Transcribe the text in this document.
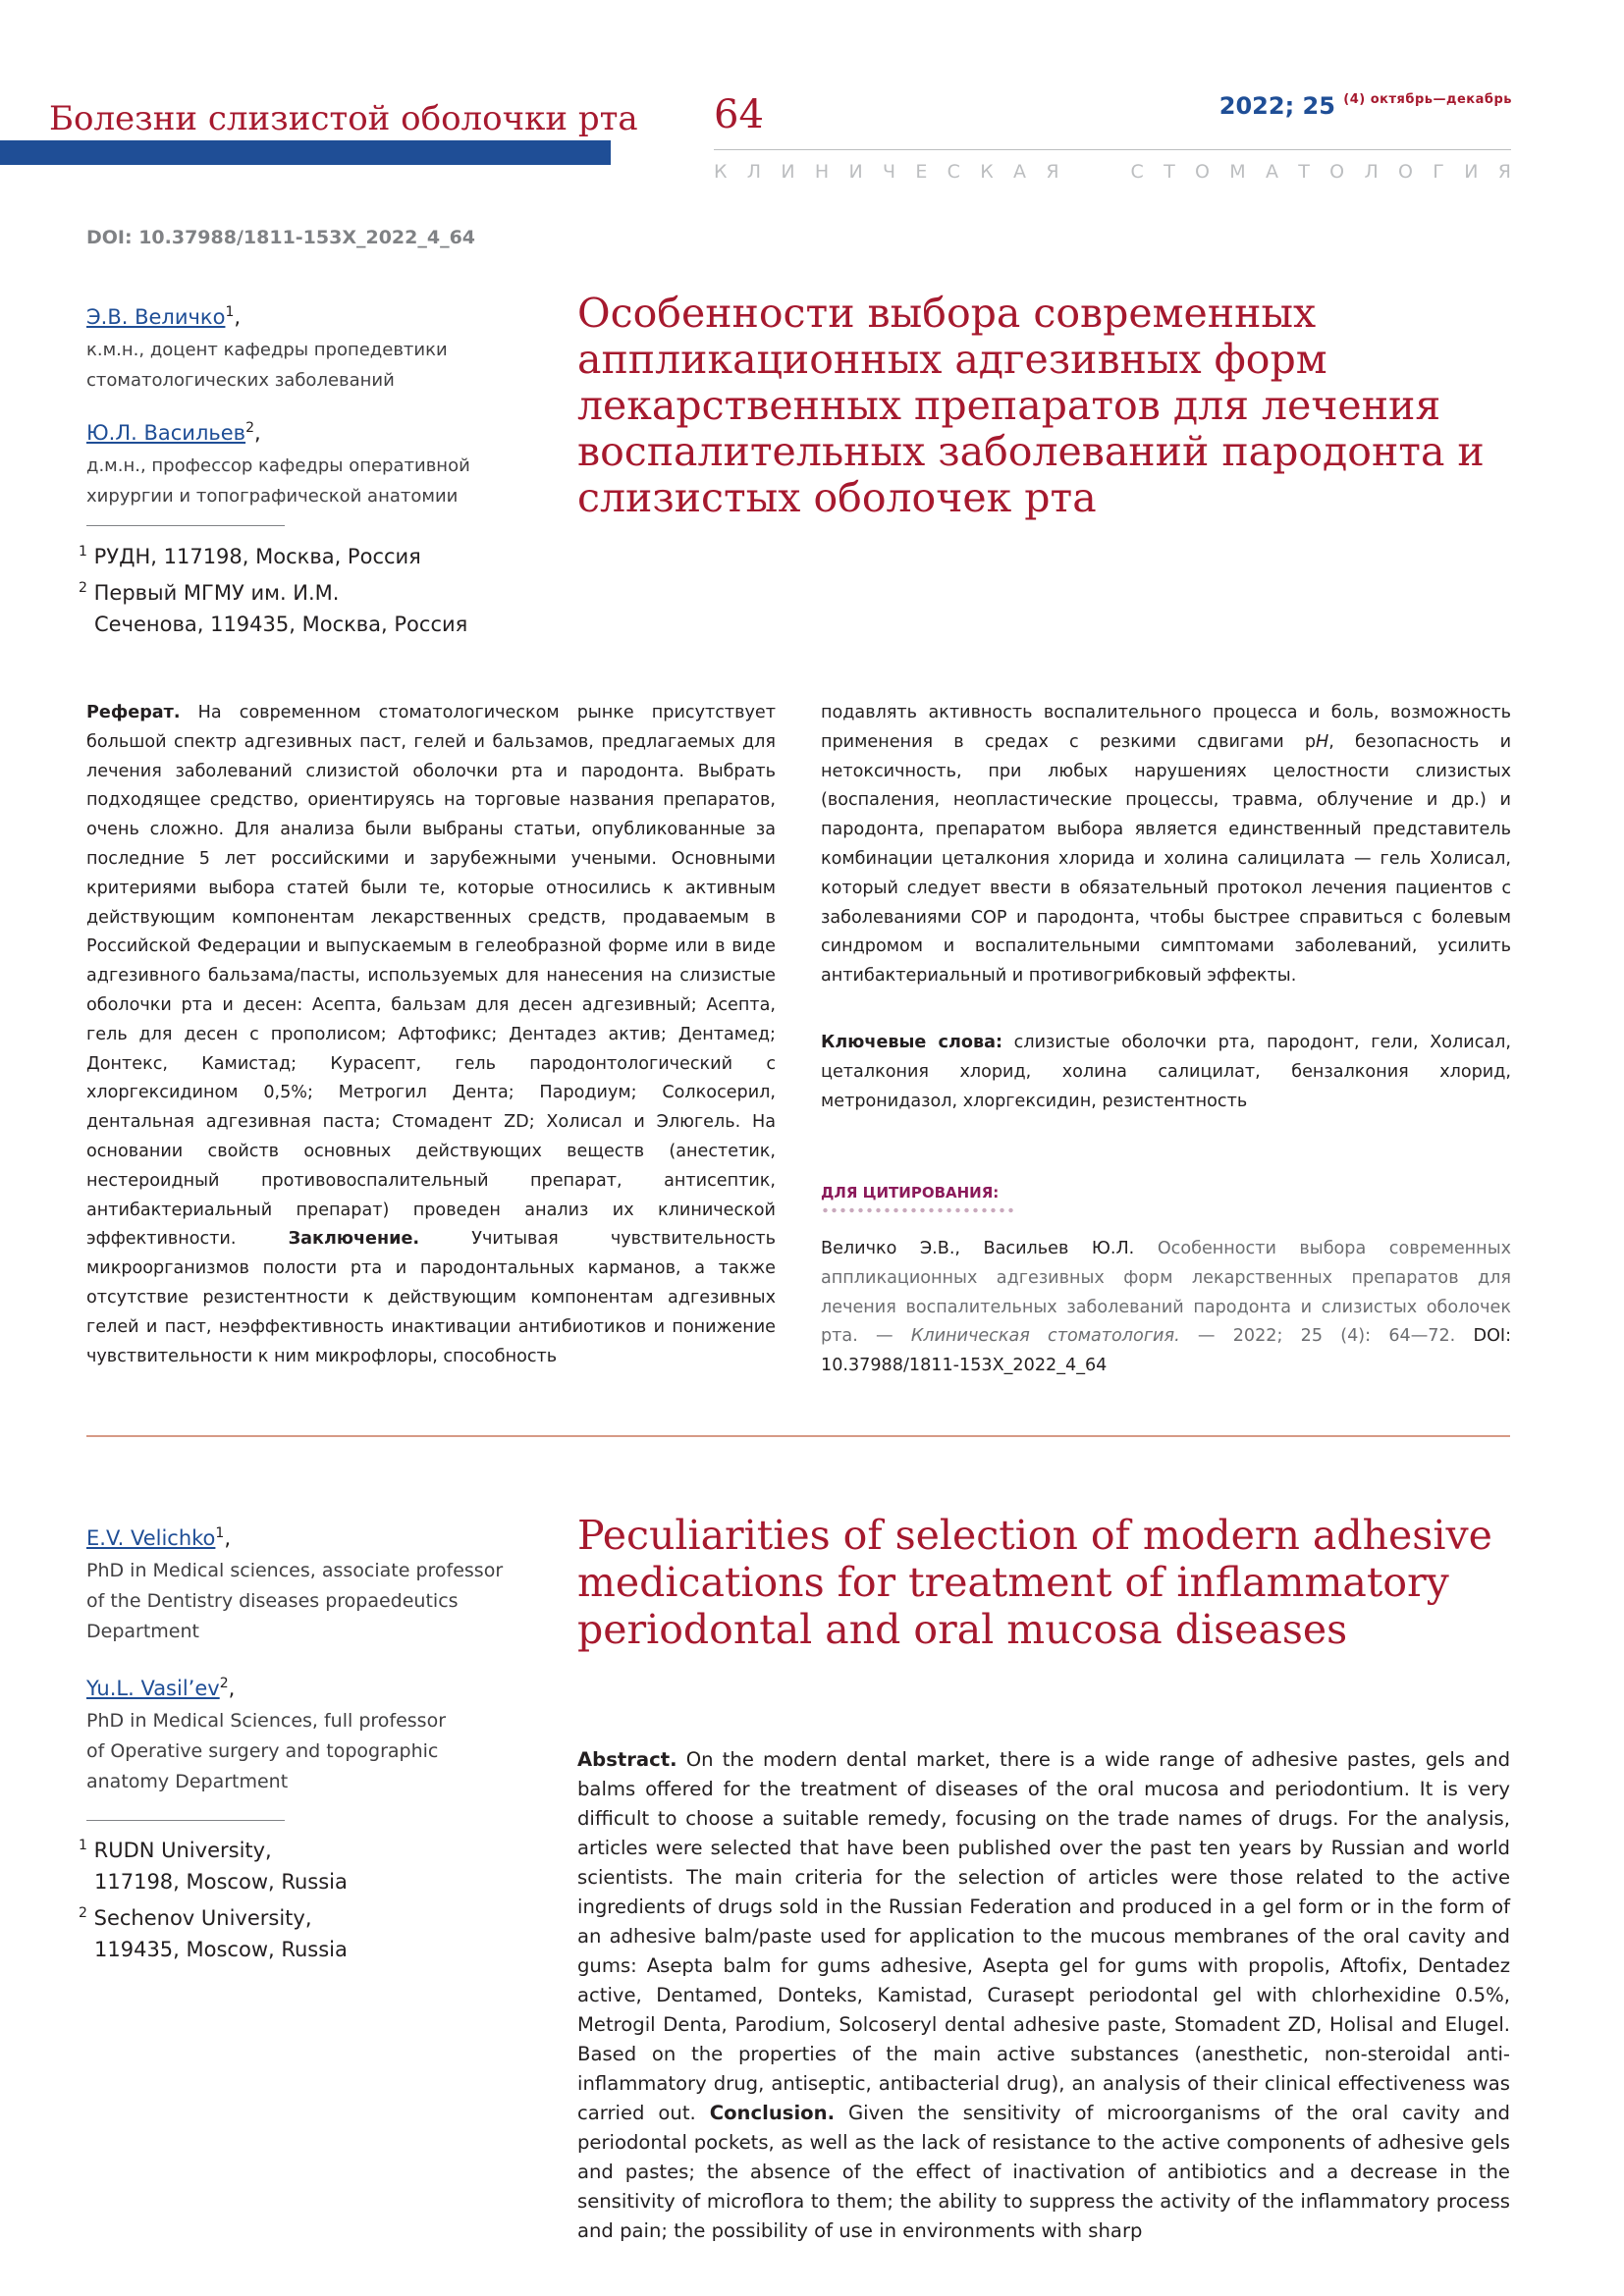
Болезни слизистой оболочки рта 64	2022; 25 $^{(4) октябрь—декабрь}$
К Л И Н И Ч Е С К А Я

	С Т О М А Т О Л О Г И Я
DOI: 10.37988/1811-153X_2022_4_64
Э.В. Величко$^1$,
к.м.н., доцент кафедры пропедевтики
стоматологических заболеваний
Ю.Л. Васильев$^2$,
д.м.н., профессор кафедры оперативной
хирургии и топографической анатомии
$^1$ РУДН, 117198, Москва, Россия
$^2$ Первый МГМУ им. И.М.
Сеченова, 119435, Москва, Россия
Особенности выбора современных аппликационных адгезивных форм лекарственных препаратов для лечения воспалительных заболеваний пародонта и слизистых оболочек рта
Реферат. На современном стоматологическом рынке присутствует большой спектр адгезивных паст, гелей и бальзамов, предлагаемых для лечения заболеваний слизистой оболочки рта и пародонта. Выбрать подходящее средство, ориентируясь на торговые названия препаратов, очень сложно. Для анализа были выбраны статьи, опубликованные за последние 5 лет российскими и зарубежными учеными. Основными критериями выбора статей были те, которые относились к активным действующим компонентам лекарственных средств, продаваемым в Российской Федерации и выпускаемым в гелеобразной форме или в виде адгезивного бальзама/пасты, используемых для нанесения на слизистые оболочки рта и десен: Асепта, бальзам для десен адгезивный; Асепта, гель для десен с прополисом; Афтофикс; Дентадез актив; Дентамед; Донтекс, Камистад; Курасепт, гель пародонтологический с хлоргексидином 0,5%; Метрогил Дента; Пародиум; Солкосерил, дентальная адгезивная паста; Стомадент ZD; Холисал и Элюгель. На основании свойств основных действующих веществ (анестетик, нестероидный противовоспалительный препарат, антисептик, антибактериальный препарат) проведен анализ их клинической эффективности.	Заключение.	Учитывая чувствительность микроорганизмов полости рта и пародонтальных карманов, а также отсутствие резистентности к действующим компонентам адгезивных гелей и паст, неэффективность инактивации антибиотиков и понижение чувствительности к ним микрофлоры, способность
подавлять активность воспалительного процесса и боль, возможность применения в средах с резкими сдвигами pH, безопасность и нетоксичность, при любых нарушениях целостности слизистых (воспаления, неопластические процессы, травма, облучение и др.) и пародонта, препаратом выбора является единственный представитель комбинации цеталкония хлорида и холина салицилата — гель Холисал, который следует ввести в обязательный протокол лечения пациентов с заболеваниями СОР и пародонта, чтобы быстрее справиться с болевым синдромом и воспалительными симптомами заболеваний, усилить антибактериальный и противогрибковый эффекты.
Ключевые слова: слизистые оболочки рта, пародонт, гели, Холисал, цеталкония хлорид, холина салицилат, бензалкония хлорид, метронидазол, хлоргексидин, резистентность
ДЛЯ ЦИТИРОВАНИЯ:
Величко Э.В., Васильев Ю.Л. Особенности выбора современных аппликационных адгезивных форм лекарственных препаратов для лечения воспалительных заболеваний пародонта и слизистых оболочек рта. — Клиническая стоматология. — 2022; 25 (4): 64—72. DOI: 10.37988/1811-153X_2022_4_64
E.V. Velichko$^1$,
PhD in Medical sciences, associate professor
of the Dentistry diseases propaedeutics
Department
Yu.L. $Vasil’ev^2$,
PhD in Medical Sciences, full professor
of Operative surgery and topographic
anatomy Department
$^1$ RUDN University,
117198, Moscow, Russia
$^2$ Sechenov University,
119435, Moscow, Russia
Peculiarities of selection of modern adhesive medications for treatment of inflammatory periodontal and oral mucosa diseases
Abstract. On the modern dental market, there is a wide range of adhesive pastes, gels and balms offered for the treatment of diseases of the oral mucosa and periodontium. It is very difficult to choose a suitable remedy, focusing on the trade names of drugs. For the analysis, articles were selected that have been published over the past ten years by Russian and world scientists. The main criteria for the selection of articles were those related to the active ingredients of drugs sold in the Russian Federation and produced in a gel form or in the form of an adhesive balm/paste used for application to the mucous membranes of the oral cavity and gums: Asepta balm for gums adhesive, Asepta gel for gums with propolis, Aftofix, Dentadez active, Dentamed, Donteks, Kamistad, Curasept periodontal gel with chlorhexidine 0.5%, Metrogil Denta, Parodium, Solcoseryl dental adhesive paste, Stomadent ZD, Holisal and Elugel. Based on the properties of the main active substances (anesthetic, non-steroidal anti-inflammatory drug, antiseptic, antibacterial drug), an analysis of their clinical effectiveness was carried out. Conclusion. Given the sensitivity of microorganisms of the oral cavity and periodontal pockets, as well as the lack of resistance to the active components of adhesive gels and pastes; the absence of the effect of inactivation of antibiotics and a decrease in the sensitivity of microflora to them; the ability to suppress the activity of the inflammatory process and pain; the possibility of use in environments with sharp
